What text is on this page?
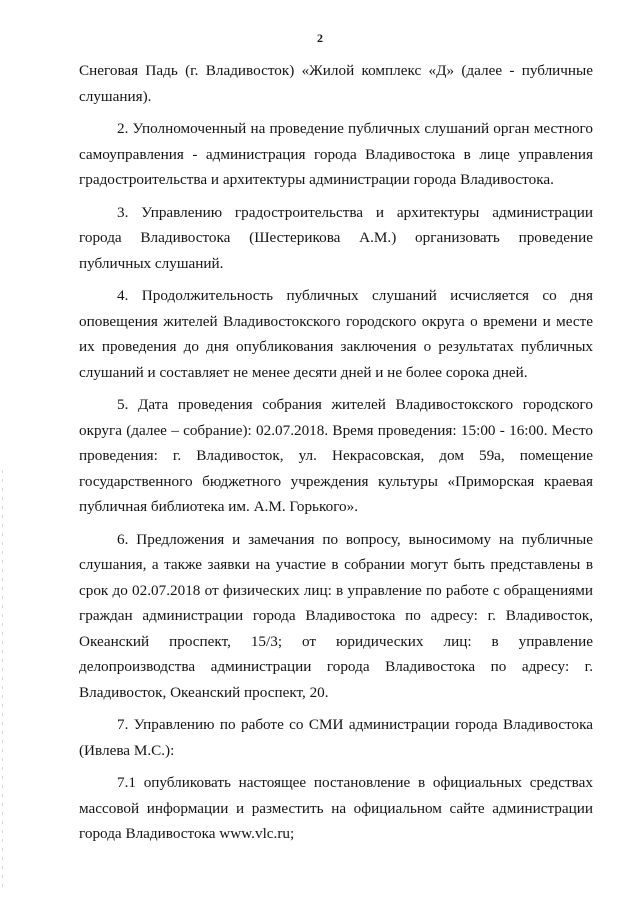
2

Снеговая Падь (г. Владивосток) «Жилой комплекс «Д» (далее - публичные слушания).

2. Уполномоченный на проведение публичных слушаний орган местного самоуправления - администрация города Владивостока в лице управления градостроительства и архитектуры администрации города Владивостока.

3. Управлению градостроительства и архитектуры администрации города Владивостока (Шестерикова А.М.) организовать проведение публичных слушаний.

4. Продолжительность публичных слушаний исчисляется со дня оповещения жителей Владивостокского городского округа о времени и месте их проведения до дня опубликования заключения о результатах публичных слушаний и составляет не менее десяти дней и не более сорока дней.

5. Дата проведения собрания жителей Владивостокского городского округа (далее – собрание): 02.07.2018. Время проведения: 15:00 - 16:00. Место проведения: г. Владивосток, ул. Некрасовская, дом 59а, помещение государственного бюджетного учреждения культуры «Приморская краевая публичная библиотека им. А.М. Горького».

6. Предложения и замечания по вопросу, выносимому на публичные слушания, а также заявки на участие в собрании могут быть представлены в срок до 02.07.2018 от физических лиц: в управление по работе с обращениями граждан администрации города Владивостока по адресу: г. Владивосток, Океанский проспект, 15/3; от юридических лиц: в управление делопроизводства администрации города Владивостока по адресу: г. Владивосток, Океанский проспект, 20.

7. Управлению по работе со СМИ администрации города Владивостока (Ивлева М.С.):

7.1 опубликовать настоящее постановление в официальных средствах массовой информации и разместить на официальном сайте администрации города Владивостока www.vlc.ru;
